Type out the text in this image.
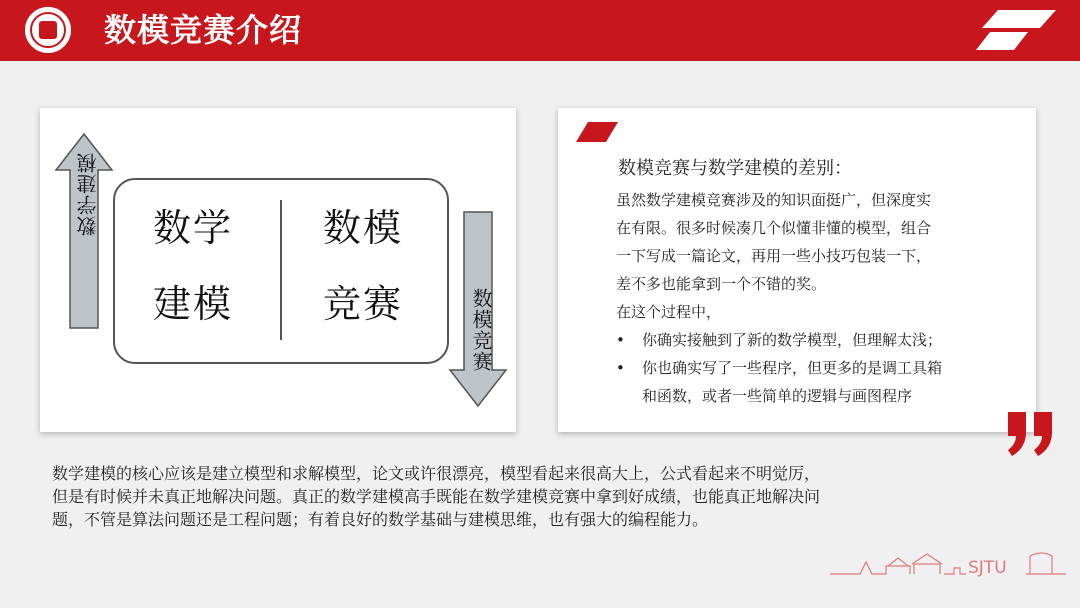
数模竞赛介绍
数学建模
数模竞赛
数学
建模
数模
竞赛
数模竞赛与数学建模的差别：

虽然数学建模竞赛涉及的知识面挺广，但深度实

在有限。很多时候凑几个似懂非懂的模型，组合

一下写成一篇论文，再用一些小技巧包装一下，

差不多也能拿到一个不错的奖。

在这个过程中，

• 你确实接触到了新的数学模型，但理解太浅；
• 你也确实写了一些程序，但更多的是调工具箱
和函数，或者一些简单的逻辑与画图程序
数学建模的核心应该是建立模型和求解模型，论文或许很漂亮，模型看起来很高大上，公式看起来不明觉厉，
但是有时候并未真正地解决问题。真正的数学建模高手既能在数学建模竞赛中拿到好成绩，也能真正地解决问
题，不管是算法问题还是工程问题；有着良好的数学基础与建模思维，也有强大的编程能力。
SJTU
